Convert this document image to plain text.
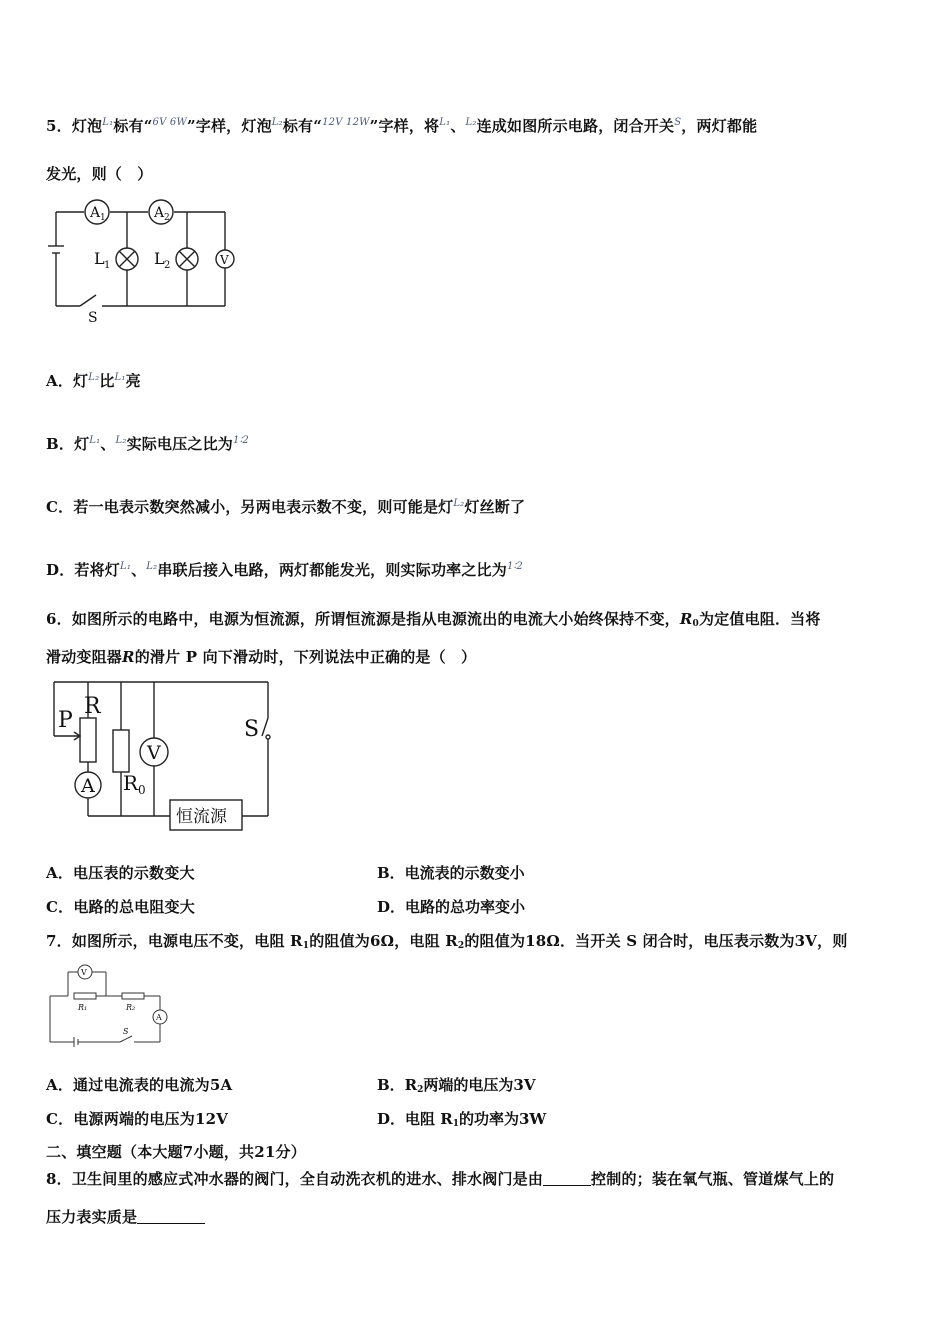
5．灯泡$^{L_1}$标有“$^{6V 6W}$”字样，灯泡$^{L_2}$标有“$^{12V 12W}$”字样，将$^{L_1}$、$^{L_2}$连成如图所示电路，闭合开关$^S$，两灯都能
发光，则（　）
A 1	A 2
L 1	L 2	V
S
A．灯$^{L_2}$比$^{L_1}$亮
B．灯$^{L_1}$、$^{L_2}$实际电压之比为$^{1∶2}$
C．若一电表示数突然减小，另两电表示数不变，则可能是灯$^{L_2}$灯丝断了
D．若将灯$^{L_1}$、$^{L_2}$串联后接入电路，两灯都能发光，则实际功率之比为$^{1∶2}$
6．如图所示的电路中，电源为恒流源，所谓恒流源是指从电源流出的电流大小始终保持不变，$R_0$为定值电阻．当将
滑动变阻器R的滑片 P 向下滑动时，下列说法中正确的是（　）
P
R
A
V
R 0
S
恒流源
A．电压表的示数变大	B．电流表的示数变小
C．电路的总电阻变大	D．电路的总功率变小
7．如图所示，电源电压不变，电阻 $R_1$的阻值为6Ω，电阻 $R_2$的阻值为18Ω．当开关 S 闭合时，电压表示数为3V，则
V
A
R₁	R₂
S
A．通过电流表的电流为5A	B．$R_2$两端的电压为3V
C．电源两端的电压为12V	D．电阻 $R_1$的功率为3W
二、填空题（本大题7小题，共21分）
8．卫生间里的感应式冲水器的阀门，全自动洗衣机的进水、排水阀门是由	控制的；装在氧气瓶、管道煤气上的
压力表实质是
